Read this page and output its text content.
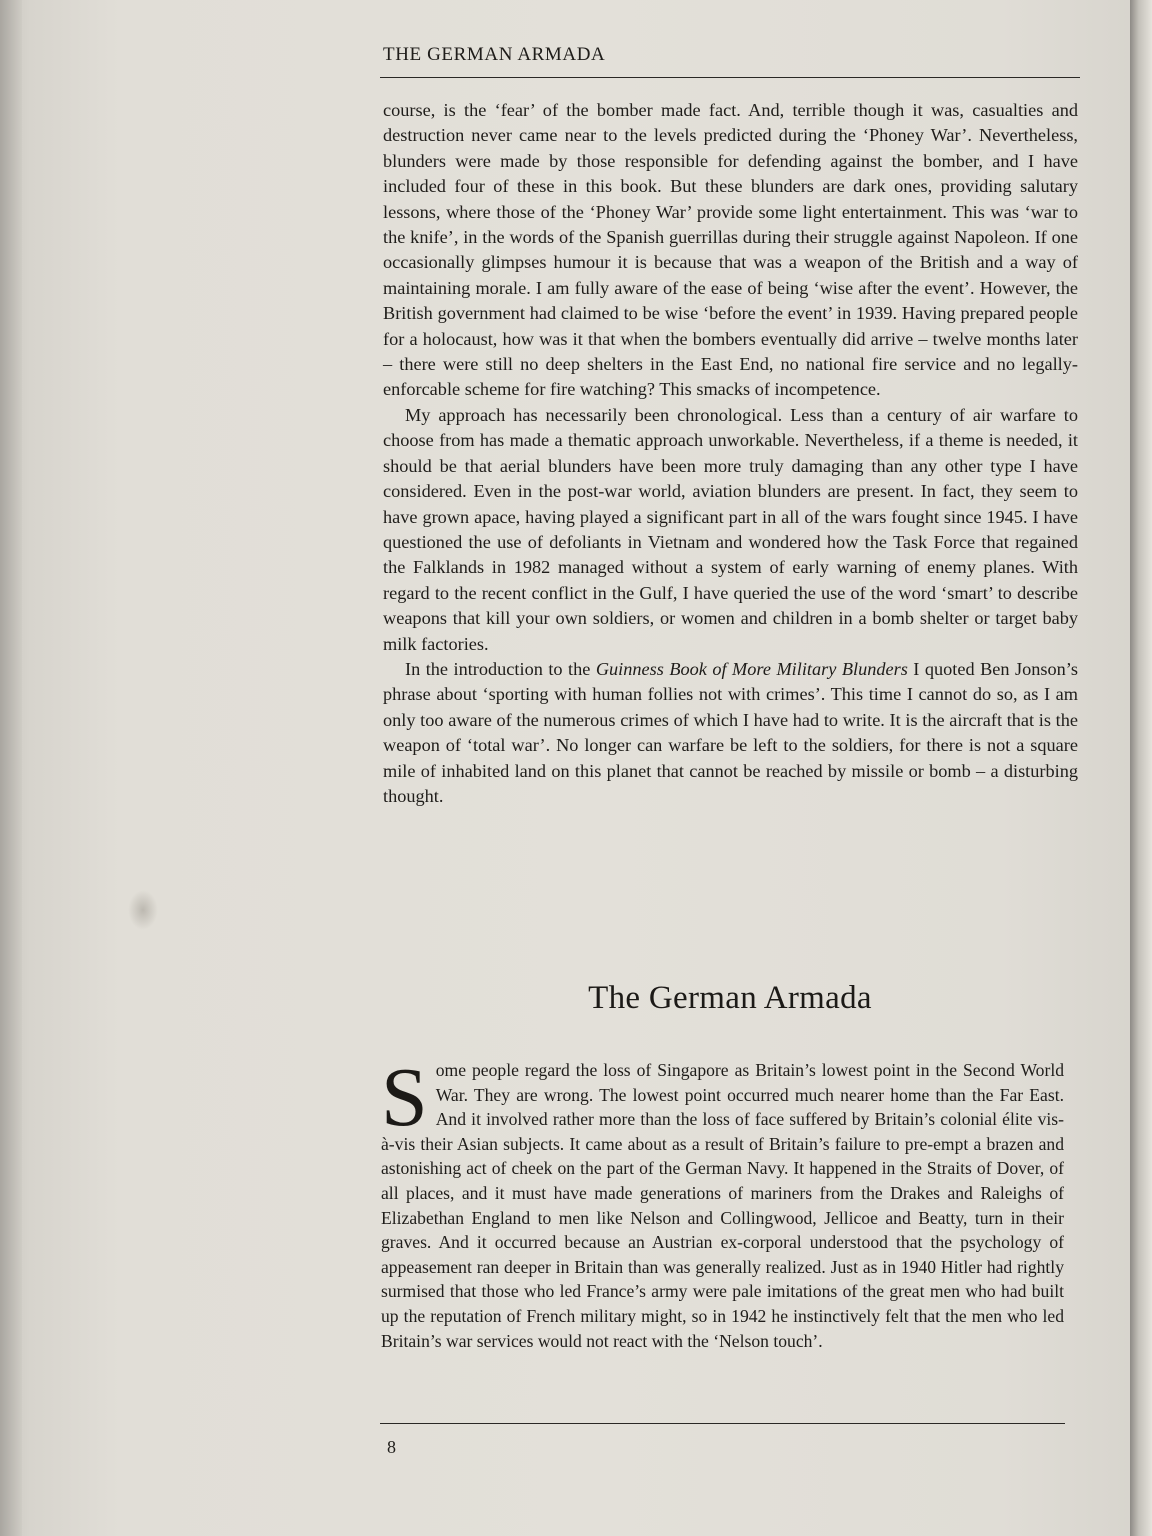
THE GERMAN ARMADA

course, is the ‘fear’ of the bomber made fact. And, terrible though it was, casualties and destruction never came near to the levels predicted during the ‘Phoney War’. Nevertheless, blunders were made by those responsible for defending against the bomber, and I have included four of these in this book. But these blunders are dark ones, providing salutary lessons, where those of the ‘Phoney War’ provide some light entertainment. This was ‘war to the knife’, in the words of the Spanish guerrillas during their struggle against Napoleon. If one occasionally glimpses humour it is because that was a weapon of the British and a way of maintaining morale. I am fully aware of the ease of being ‘wise after the event’. However, the British government had claimed to be wise ‘before the event’ in 1939. Having prepared people for a holocaust, how was it that when the bombers eventually did arrive – twelve months later – there were still no deep shelters in the East End, no national fire service and no legally-enforcable scheme for fire watching? This smacks of incompetence.

My approach has necessarily been chronological. Less than a century of air warfare to choose from has made a thematic approach unworkable. Nevertheless, if a theme is needed, it should be that aerial blunders have been more truly damaging than any other type I have considered. Even in the post-war world, aviation blunders are present. In fact, they seem to have grown apace, having played a significant part in all of the wars fought since 1945. I have questioned the use of defoliants in Vietnam and wondered how the Task Force that regained the Falklands in 1982 managed without a system of early warning of enemy planes. With regard to the recent conflict in the Gulf, I have queried the use of the word ‘smart’ to describe weapons that kill your own soldiers, or women and children in a bomb shelter or target baby milk factories.

In the introduction to the Guinness Book of More Military Blunders I quoted Ben Jonson’s phrase about ‘sporting with human follies not with crimes’. This time I cannot do so, as I am only too aware of the numerous crimes of which I have had to write. It is the aircraft that is the weapon of ‘total war’. No longer can warfare be left to the soldiers, for there is not a square mile of inhabited land on this planet that cannot be reached by missile or bomb – a disturbing thought.

The German Armada

Some people regard the loss of Singapore as Britain’s lowest point in the Second World War. They are wrong. The lowest point occurred much nearer home than the Far East. And it involved rather more than the loss of face suffered by Britain’s colonial élite vis-à-vis their Asian subjects. It came about as a result of Britain’s failure to pre-empt a brazen and astonishing act of cheek on the part of the German Navy. It happened in the Straits of Dover, of all places, and it must have made generations of mariners from the Drakes and Raleighs of Elizabethan England to men like Nelson and Collingwood, Jellicoe and Beatty, turn in their graves. And it occurred because an Austrian ex-corporal understood that the psychology of appeasement ran deeper in Britain than was generally realized. Just as in 1940 Hitler had rightly surmised that those who led France’s army were pale imitations of the great men who had built up the reputation of French military might, so in 1942 he instinctively felt that the men who led Britain’s war services would not react with the ‘Nelson touch’.

8
